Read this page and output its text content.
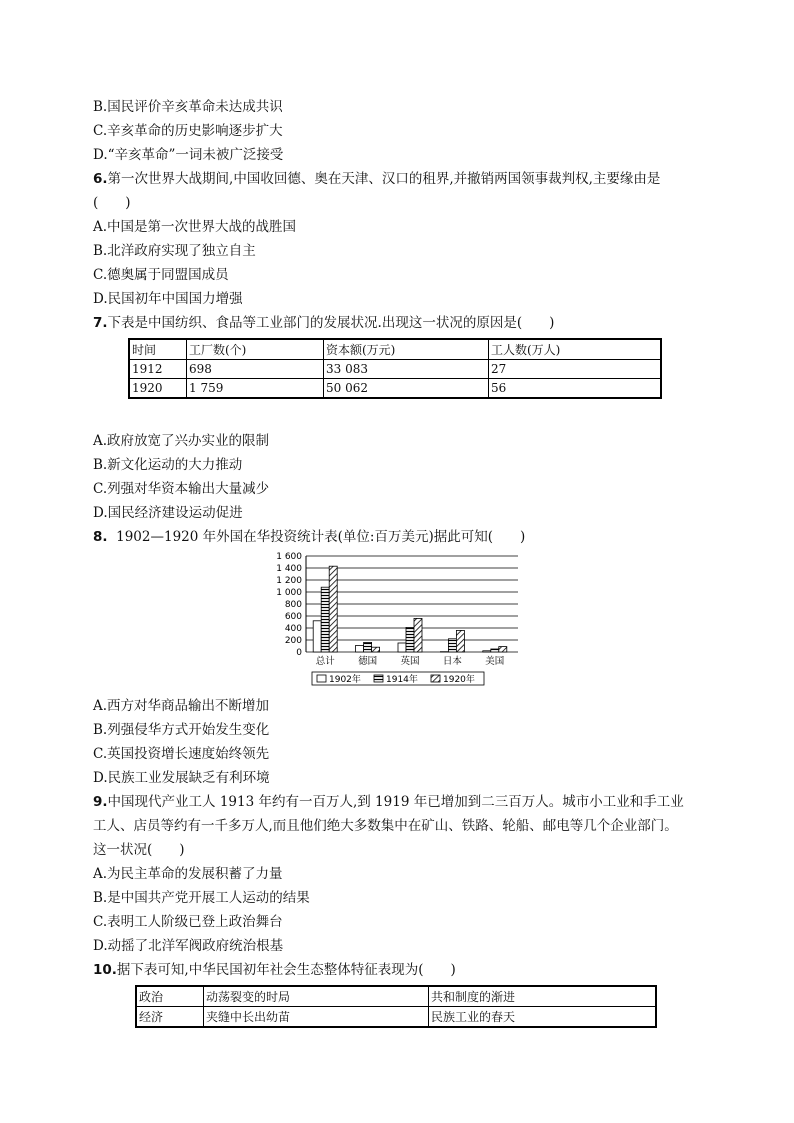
B.国民评价辛亥革命未达成共识
C.辛亥革命的历史影响逐步扩大
D.“辛亥革命”一词未被广泛接受
6.第一次世界大战期间,中国收回德、奥在天津、汉口的租界,并撤销两国领事裁判权,主要缘由是
(　　)
A.中国是第一次世界大战的战胜国
B.北洋政府实现了独立自主
C.德奥属于同盟国成员
D.民国初年中国国力增强
7.下表是中国纺织、食品等工业部门的发展状况.出现这一状况的原因是(　　)
时间	工厂数(个)	资本额(万元)	工人数(万人)
1912	698	33 083	27
1920	1 759	50 062	56
A.政府放宽了兴办实业的限制
B.新文化运动的大力推动
C.列强对华资本输出大量减少
D.国民经济建设运动促进
8. 1902—1920 年外国在华投资统计表(单位:百万美元)据此可知(　　)
1 600
1 400
1 200
1 000
800
600
400
200
0
总计 德国 英国 日本 美国
1902年	1914年	1920年
A.西方对华商品输出不断增加
B.列强侵华方式开始发生变化
C.英国投资增长速度始终领先
D.民族工业发展缺乏有利环境
9.中国现代产业工人 1913 年约有一百万人,到 1919 年已增加到二三百万人。城市小工业和手工业
工人、店员等约有一千多万人,而且他们绝大多数集中在矿山、铁路、轮船、邮电等几个企业部门。
这一状况(　　)
A.为民主革命的发展积蓄了力量
B.是中国共产党开展工人运动的结果
C.表明工人阶级已登上政治舞台
D.动摇了北洋军阀政府统治根基
10.据下表可知,中华民国初年社会生态整体特征表现为(　　)
政治	动荡裂变的时局	共和制度的渐进
经济	夹缝中长出幼苗	民族工业的春天
